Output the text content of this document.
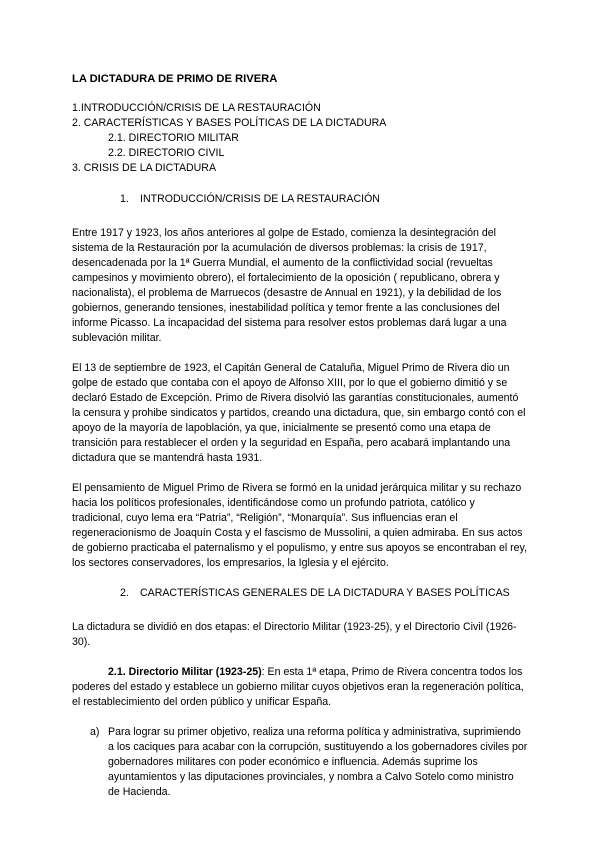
LA DICTADURA DE PRIMO DE RIVERA
1.INTRODUCCIÓN/CRISIS DE LA RESTAURACIÓN
2. CARACTERÍSTICAS Y BASES POLÍTICAS DE LA DICTADURA
2.1. DIRECTORIO MILITAR
2.2. DIRECTORIO CIVIL
3. CRISIS DE LA DICTADURA
1. INTRODUCCIÓN/CRISIS DE LA RESTAURACIÓN

Entre 1917 y 1923, los años anteriores al golpe de Estado, comienza la desintegración del sistema de la Restauración por la acumulación de diversos problemas: la crisis de 1917, desencadenada por la 1ª Guerra Mundial, el aumento de la conflictividad social (revueltas campesinos y movimiento obrero), el fortalecimiento de la oposición ( republicano, obrera y nacionalista), el problema de Marruecos (desastre de Annual en 1921), y la debilidad de los gobiernos, generando tensiones, inestabilidad política y temor frente a las conclusiones del informe Picasso. La incapacidad del sistema para resolver estos problemas dará lugar a una sublevación militar.

El 13 de septiembre de 1923, el Capitán General de Cataluña, Miguel Primo de Rivera dio un golpe de estado que contaba con el apoyo de Alfonso XIII, por lo que el gobierno dimitió y se declaró Estado de Excepción. Primo de Rivera disolvió las garantías constitucionales, aumentó la censura y prohibe sindicatos y partidos, creando una dictadura, que, sin embargo contó con el apoyo de la mayoría de lapoblación, ya que, inicialmente se presentó como una etapa de transición para restablecer el orden y la seguridad en España, pero acabará implantando una dictadura que se mantendrá hasta 1931.

El pensamiento de Miguel Primo de Rivera se formó en la unidad jerárquica militar y su rechazo hacia los políticos profesionales, identificándose como un profundo patriota, católico y tradicional, cuyo lema era “Patria”, “Religión”, “Monarquía”. Sus influencias eran el regeneracionismo de Joaquín Costa y el fascismo de Mussolini, a quien admiraba. En sus actos de gobierno practicaba el paternalismo y el populismo, y entre sus apoyos se encontraban el rey, los sectores conservadores, los empresarios, la Iglesia y el ejército.

2. CARACTERÍSTICAS GENERALES DE LA DICTADURA Y BASES POLÍTICAS

La dictadura se dividió en dos etapas: el Directorio Militar (1923-25), y el Directorio Civil (1926-30).

2.1. Directorio Militar (1923-25): En esta 1ª etapa, Primo de Rivera concentra todos los poderes del estado y establece un gobierno militar cuyos objetivos eran la regeneración política, el restablecimiento del orden público y unificar España.

a) Para lograr su primer objetivo, realiza una reforma política y administrativa, suprimiendo a los caciques para acabar con la corrupción, sustituyendo a los gobernadores civiles por gobernadores militares con poder económico e influencia. Además suprime los ayuntamientos y las diputaciones provinciales, y nombra a Calvo Sotelo como ministro de Hacienda.
